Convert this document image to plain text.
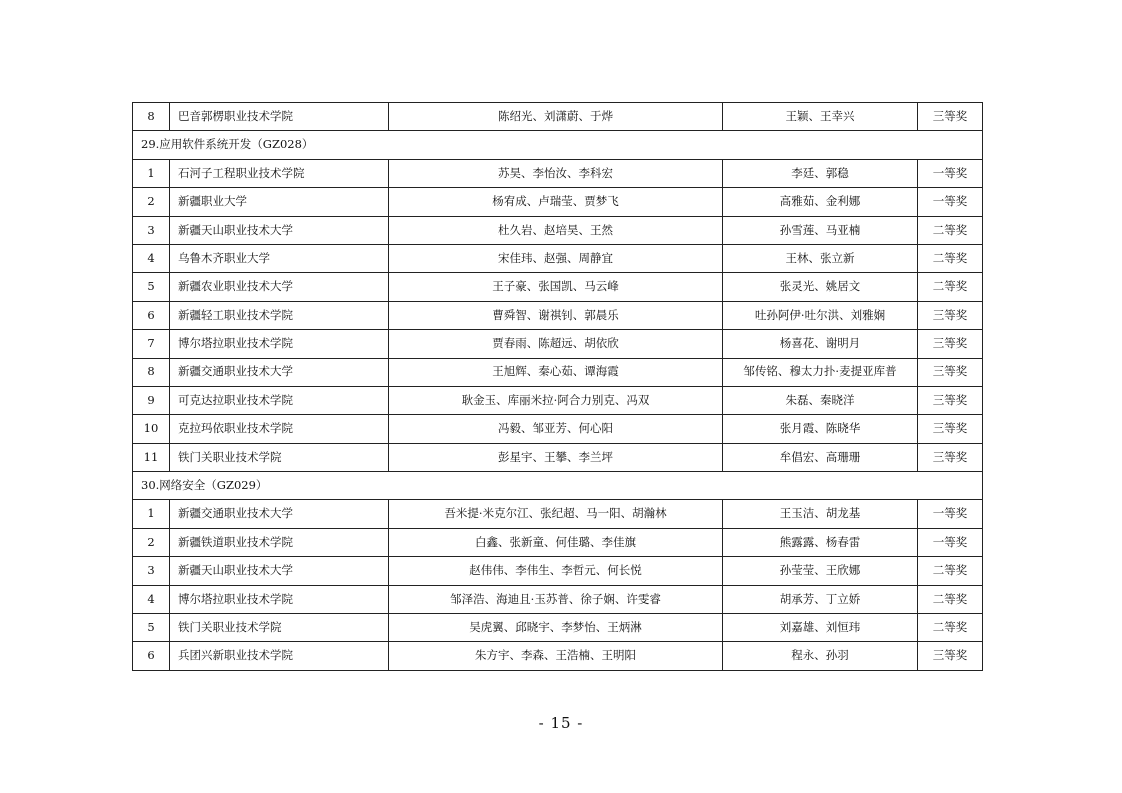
8	巴音郭楞职业技术学院	陈绍光、刘潇蔚、于烨	王颖、王幸兴	三等奖
29.应用软件系统开发（GZ028）				
1	石河子工程职业技术学院	苏昊、李怡汝、李科宏	李廷、郭稳	一等奖
2	新疆职业大学	杨宥成、卢瑞莹、贾梦飞	高雅茹、金利娜	一等奖
3	新疆天山职业技术大学	杜久岩、赵培昊、王然	孙雪莲、马亚楠	二等奖
4	乌鲁木齐职业大学	宋佳玮、赵强、周静宜	王林、张立新	二等奖
5	新疆农业职业技术大学	王子豪、张国凯、马云峰	张灵光、姚居文	二等奖
6	新疆轻工职业技术学院	曹舜智、谢祺钊、郭晨乐	吐孙阿伊·吐尔洪、刘雅娴	三等奖
7	博尔塔拉职业技术学院	贾春雨、陈超远、胡依欣	杨喜花、谢明月	三等奖
8	新疆交通职业技术大学	王旭辉、秦心茹、谭海霞	邹传铭、穆太力扑·麦提亚库普	三等奖
9	可克达拉职业技术学院	耿金玉、库丽米拉·阿合力别克、冯双	朱磊、秦晓洋	三等奖
10	克拉玛依职业技术学院	冯毅、邹亚芳、何心阳	张月霞、陈晓华	三等奖
11	铁门关职业技术学院	彭星宇、王攀、李兰坪	牟倡宏、高珊珊	三等奖
30.网络安全（GZ029）				
1	新疆交通职业技术大学	吾米提·米克尔江、张纪超、马一阳、胡瀚林	王玉洁、胡龙基	一等奖
2	新疆铁道职业技术学院	白鑫、张新童、何佳璐、李佳旗	熊露露、杨春雷	一等奖
3	新疆天山职业技术大学	赵伟伟、李伟生、李哲元、何长悦	孙莹莹、王欣娜	二等奖
4	博尔塔拉职业技术学院	邹泽浩、海迪且·玉苏普、徐子娴、许雯睿	胡承芳、丁立娇	二等奖
5	铁门关职业技术学院	吴虎翼、邱晓宇、李梦怡、王炳淋	刘嘉雄、刘恒玮	二等奖
6	兵团兴新职业技术学院	朱方宇、李森、王浩楠、王明阳	程永、孙羽	三等奖
- 15 -
